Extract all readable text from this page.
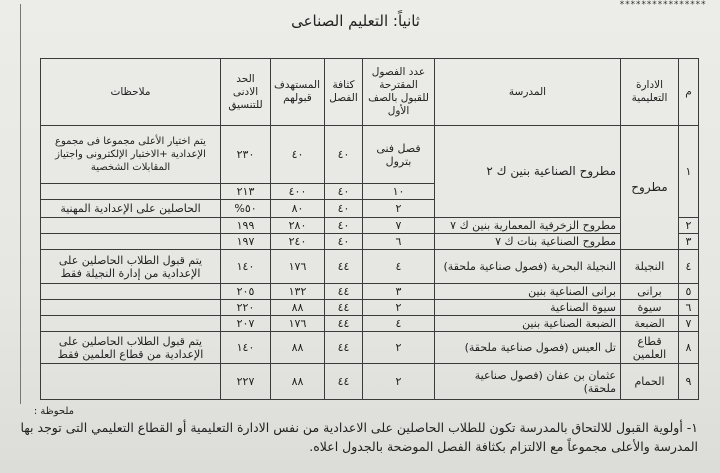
****************
ثانياً: التعليم الصناعى
م	الادارة التعليمية	المدرسة	عدد الفصول المقترحة للقبول بالصف الأول	كثافة الفصل	المستهدف قبولهم	الحد الادنى للتنسيق	ملاحظات
١	مطروح	مطروح الصناعية بنين ك ٢	فصل فنى بترول	٤٠	٤٠	٢٣٠	يتم اختيار الأعلى مجموعا فى مجموع الإعدادية +الاختبار الإلكترونى واجتياز المقابلات الشخصية
			١٠	٤٠	٤٠٠	٢١٣	
			٢	٤٠	٨٠	٥٠%	الحاصلين على الإعدادية المهنية
٢		مطروح الزخرفية المعمارية بنين ك ٧	٧	٤٠	٢٨٠	١٩٩	
٣		مطروح الصناعية بنات ك ٧	٦	٤٠	٢٤٠	١٩٧	
٤	النجيلة	النجيلة البحرية (فصول صناعية ملحقة)	٤	٤٤	١٧٦	١٤٠	يتم قبول الطلاب الحاصلين على الإعدادية من إدارة النجيلة فقط
٥	برانى	برانى الصناعية بنين	٣	٤٤	١٣٢	٢٠٥	
٦	سيوة	سيوة الصناعية	٢	٤٤	٨٨	٢٢٠	
٧	الضبعة	الضبعة الصناعية بنين	٤	٤٤	١٧٦	٢٠٧	
٨	قطاع العلمين	تل العيس (فصول صناعية ملحقة)	٢	٤٤	٨٨	١٤٠	يتم قبول الطلاب الحاصلين على الإعدادية من قطاع العلمين فقط
٩	الحمام	عثمان بن عفان (فصول صناعية ملحقة)	٢	٤٤	٨٨	٢٢٧	
ملحوظة :
١- أولوية القبول للالتحاق بالمدرسة تكون للطلاب الحاصلين على الاعدادية من نفس الادارة التعليمية أو القطاع التعليمي التى توجد بها المدرسة والأعلى مجموعاً مع الالتزام بكثافة الفصل الموضحة بالجدول اعلاه.
